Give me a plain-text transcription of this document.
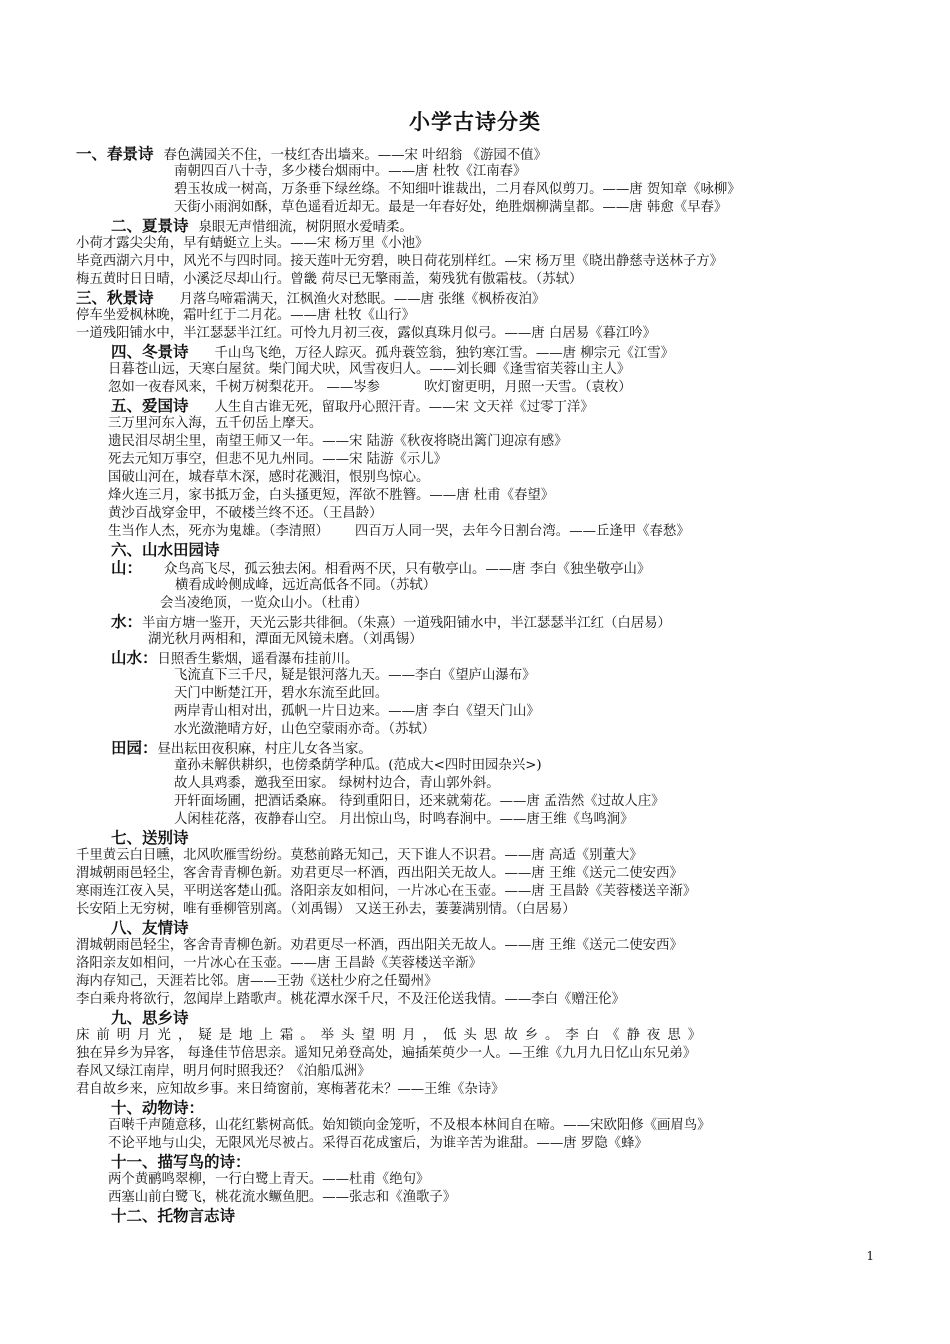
小学古诗分类
一、春景诗 春色满园关不住，一枝红杏出墙来。——宋 叶绍翁 《游园不值》
南朝四百八十寺，多少楼台烟雨中。——唐 杜牧《江南春》
碧玉妆成一树高，万条垂下绿丝绦。不知细叶谁裁出，二月春风似剪刀。——唐 贺知章《咏柳》
天街小雨润如酥，草色遥看近却无。最是一年春好处，绝胜烟柳满皇都。——唐 韩愈《早春》
二、夏景诗 泉眼无声惜细流，树阴照水爱晴柔。
小荷才露尖尖角，早有蜻蜓立上头。——宋 杨万里《小池》
毕竟西湖六月中，风光不与四时同。接天莲叶无穷碧，映日荷花别样红。—宋 杨万里《晓出静慈寺送林子方》
梅五黄时日日晴，小溪泛尽却山行。曾畿 荷尽已无擎雨盖，菊残犹有傲霜枝。（苏轼）
三、秋景诗 月落乌啼霜满天，江枫渔火对愁眠。——唐 张继《枫桥夜泊》
停车坐爱枫林晚，霜叶红于二月花。——唐 杜牧《山行》
一道残阳铺水中，半江瑟瑟半江红。可怜九月初三夜，露似真珠月似弓。——唐 白居易《暮江吟》
四、冬景诗 千山鸟飞绝，万径人踪灭。孤舟蓑笠翁，独钓寒江雪。——唐 柳宗元《江雪》
日暮苍山远，天寒白屋贫。柴门闻犬吠，风雪夜归人。——刘长卿《逢雪宿芙蓉山主人》
忽如一夜春风来，千树万树梨花开。 ——岑参	吹灯窗更明，月照一天雪。（袁枚）
五、爱国诗 人生自古谁无死，留取丹心照汗青。——宋 文天祥《过零丁洋》
三万里河东入海，五千仞岳上摩天。
遗民泪尽胡尘里，南望王师又一年。——宋 陆游《秋夜将晓出篱门迎凉有感》
死去元知万事空，但悲不见九州同。——宋 陆游《示儿》
国破山河在，城春草木深，感时花溅泪，恨别鸟惊心。
烽火连三月，家书抵万金，白头搔更短，浑欲不胜簪。——唐 杜甫《春望》
黄沙百战穿金甲，不破楼兰终不还。（王昌龄）
生当作人杰，死亦为鬼雄。（李清照） 四百万人同一哭，去年今日割台湾。——丘逢甲《春愁》
六、山水田园诗
山： 众鸟高飞尽，孤云独去闲。相看两不厌，只有敬亭山。——唐 李白《独坐敬亭山》
横看成岭侧成峰，远近高低各不同。（苏轼）
会当凌绝顶，一览众山小。（杜甫）
水：半亩方塘一鉴开，天光云影共徘徊。（朱熹）一道残阳铺水中，半江瑟瑟半江红（白居易）
湖光秋月两相和，潭面无风镜未磨。（刘禹锡）
山水：日照香生紫烟，遥看瀑布挂前川。
飞流直下三千尺，疑是银河落九天。——李白《望庐山瀑布》
天门中断楚江开，碧水东流至此回。
两岸青山相对出，孤帆一片日边来。——唐 李白《望天门山》
水光潋滟晴方好，山色空蒙雨亦奇。（苏轼）
田园：昼出耘田夜积麻，村庄儿女各当家。
童孙未解供耕织，也傍桑荫学种瓜。(范成大<四时田园杂兴>)
故人具鸡黍，邀我至田家。 绿树村边合，青山郭外斜。
开轩面场圃，把酒话桑麻。 待到重阳日，还来就菊花。——唐 孟浩然《过故人庄》
人闲桂花落，夜静春山空。 月出惊山鸟，时鸣春涧中。——唐王维《鸟鸣涧》
七、送别诗
千里黄云白日曛，北风吹雁雪纷纷。莫愁前路无知己，天下谁人不识君。——唐 高适《别董大》
渭城朝雨邑轻尘，客舍青青柳色新。劝君更尽一杯酒，西出阳关无故人。——唐 王维《送元二使安西》
寒雨连江夜入吴，平明送客楚山孤。洛阳亲友如相问，一片冰心在玉壶。——唐 王昌龄《芙蓉楼送辛渐》
长安陌上无穷树，唯有垂柳管别离。（刘禹锡） 又送王孙去，萋萋满别情。（白居易）
八、友情诗
渭城朝雨邑轻尘，客舍青青柳色新。劝君更尽一杯酒，西出阳关无故人。——唐 王维《送元二使安西》
洛阳亲友如相问，一片冰心在玉壶。——唐 王昌龄《芙蓉楼送辛渐》
海内存知己，天涯若比邻。唐——王勃《送杜少府之任蜀州》
李白乘舟将欲行，忽闻岸上踏歌声。桃花潭水深千尺，不及汪伦送我情。——李白《赠汪伦》
九、思乡诗
床前明月光，疑是地上霜。举头望明月，低头思故乡。李白《静夜思》
独在异乡为异客， 每逢佳节倍思亲。遥知兄弟登高处，遍插茱萸少一人。—王维《九月九日忆山东兄弟》
春风又绿江南岸，明月何时照我还？《泊船瓜洲》
君自故乡来，应知故乡事。来日绮窗前，寒梅著花未？——王维《杂诗》
十、动物诗：
百啭千声随意移，山花红紫树高低。始知锁向金笼听，不及根本林间自在啼。——宋欧阳修《画眉鸟》
不论平地与山尖，无限风光尽被占。采得百花成蜜后，为谁辛苦为谁甜。——唐 罗隐《蜂》
十一、描写鸟的诗：
两个黄鹂鸣翠柳，一行白鹭上青天。——杜甫《绝句》
西塞山前白鹭飞，桃花流水鳜鱼肥。——张志和《渔歌子》
十二、托物言志诗
1
